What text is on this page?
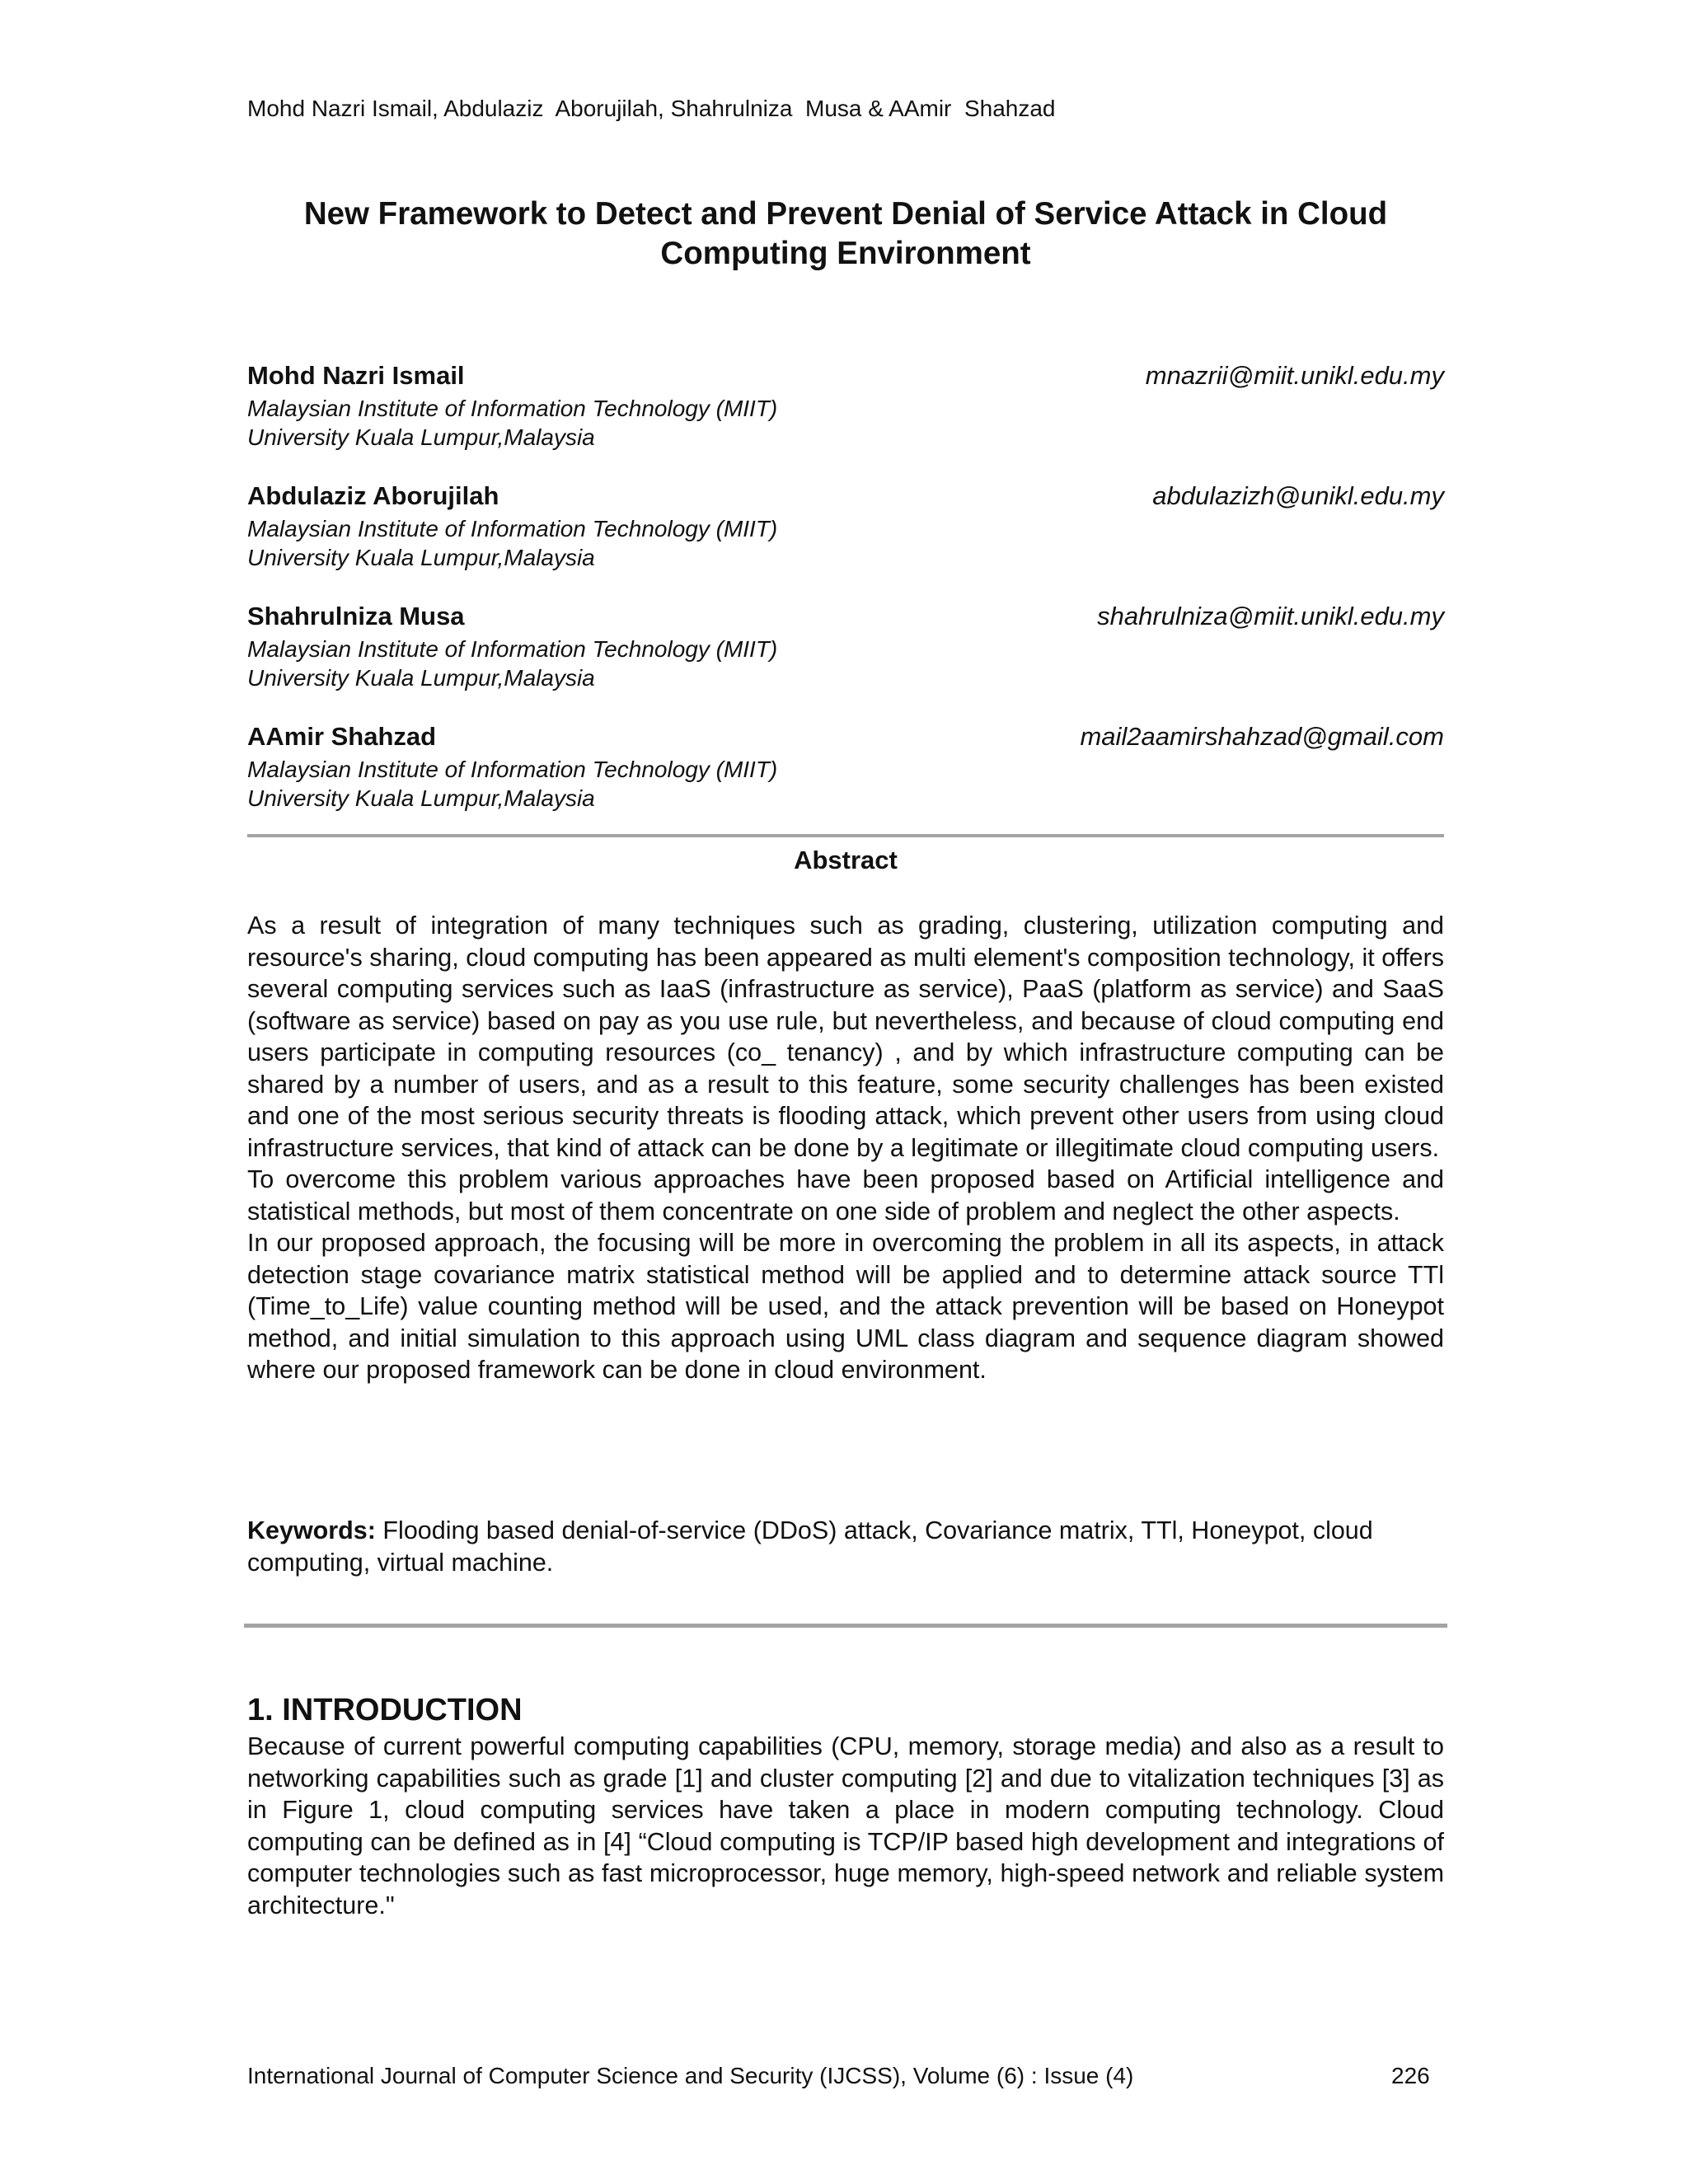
Mohd Nazri Ismail, Abdulaziz  Aborujilah, Shahrulniza  Musa & AAmir  Shahzad
New Framework to Detect and Prevent Denial of Service Attack in Cloud
Computing Environment
Mohd Nazri Ismail	mnazrii@miit.unikl.edu.my
Malaysian Institute of Information Technology (MIIT)
University Kuala Lumpur,Malaysia
Abdulaziz Aborujilah	abdulazizh@unikl.edu.my
Malaysian Institute of Information Technology (MIIT)
University Kuala Lumpur,Malaysia
Shahrulniza Musa	shahrulniza@miit.unikl.edu.my
Malaysian Institute of Information Technology (MIIT)
University Kuala Lumpur,Malaysia
AAmir Shahzad	mail2aamirshahzad@gmail.com
Malaysian Institute of Information Technology (MIIT)
University Kuala Lumpur,Malaysia
Abstract

As a result of integration of many techniques such as grading, clustering, utilization computing and resource's sharing, cloud computing has been appeared as multi element's composition technology, it offers several computing services such as IaaS (infrastructure as service), PaaS (platform as service) and SaaS (software as service) based on pay as you use rule, but nevertheless, and because of cloud computing end users participate in computing resources (co_ tenancy) , and by which infrastructure computing can be shared by a number of users, and as a result to this feature, some security challenges has been existed and one of the most serious security threats is flooding attack, which prevent other users from using cloud infrastructure services, that kind of attack can be done by a legitimate or illegitimate cloud computing users.

To overcome this problem various approaches have been proposed based on Artificial intelligence and statistical methods, but most of them concentrate on one side of problem and neglect the other aspects.

In our proposed approach, the focusing will be more in overcoming the problem in all its aspects, in attack detection stage covariance matrix statistical method will be applied and to determine attack source TTl (Time_to_Life) value counting method will be used, and the attack prevention will be based on Honeypot method, and initial simulation to this approach using UML class diagram and sequence diagram showed where our proposed framework can be done in cloud environment.

Keywords: Flooding based denial-of-service (DDoS) attack, Covariance matrix, TTl, Honeypot, cloud computing, virtual machine.

1. INTRODUCTION

Because of current powerful computing capabilities (CPU, memory, storage media) and also as a result to networking capabilities such as grade [1] and cluster computing [2] and due to vitalization techniques [3] as in Figure 1, cloud computing services have taken a place in modern computing technology. Cloud computing can be defined as in [4] “Cloud computing is TCP/IP based high development and integrations of computer technologies such as fast microprocessor, huge memory, high-speed network and reliable system architecture."

International Journal of Computer Science and Security (IJCSS), Volume (6) : Issue (4)	226
